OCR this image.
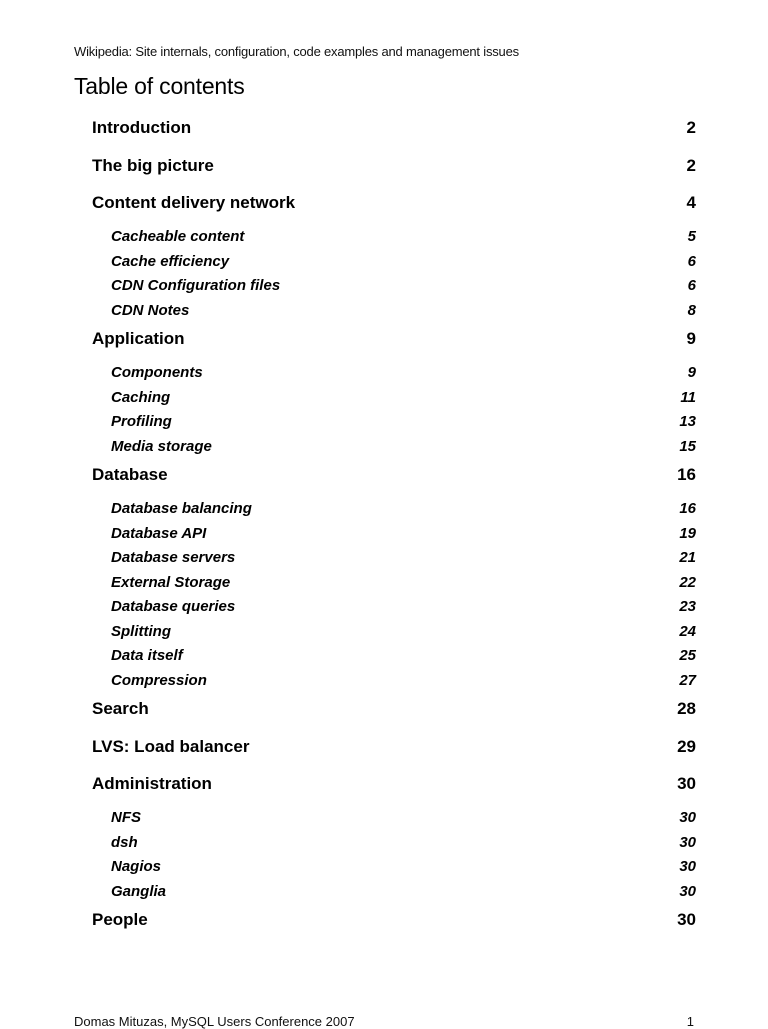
Wikipedia: Site internals, configuration, code examples and management issues
Table of contents
Introduction	2
The big picture	2
Content delivery network	4
Cacheable content	5
Cache efficiency	6
CDN Configuration files	6
CDN Notes	8
Application	9
Components	9
Caching	11
Profiling	13
Media storage	15
Database	16
Database balancing	16
Database API	19
Database servers	21
External Storage	22
Database queries	23
Splitting	24
Data itself	25
Compression	27
Search	28
LVS: Load balancer	29
Administration	30
NFS	30
dsh	30
Nagios	30
Ganglia	30
People	30
Domas Mituzas, MySQL Users Conference 2007	1
